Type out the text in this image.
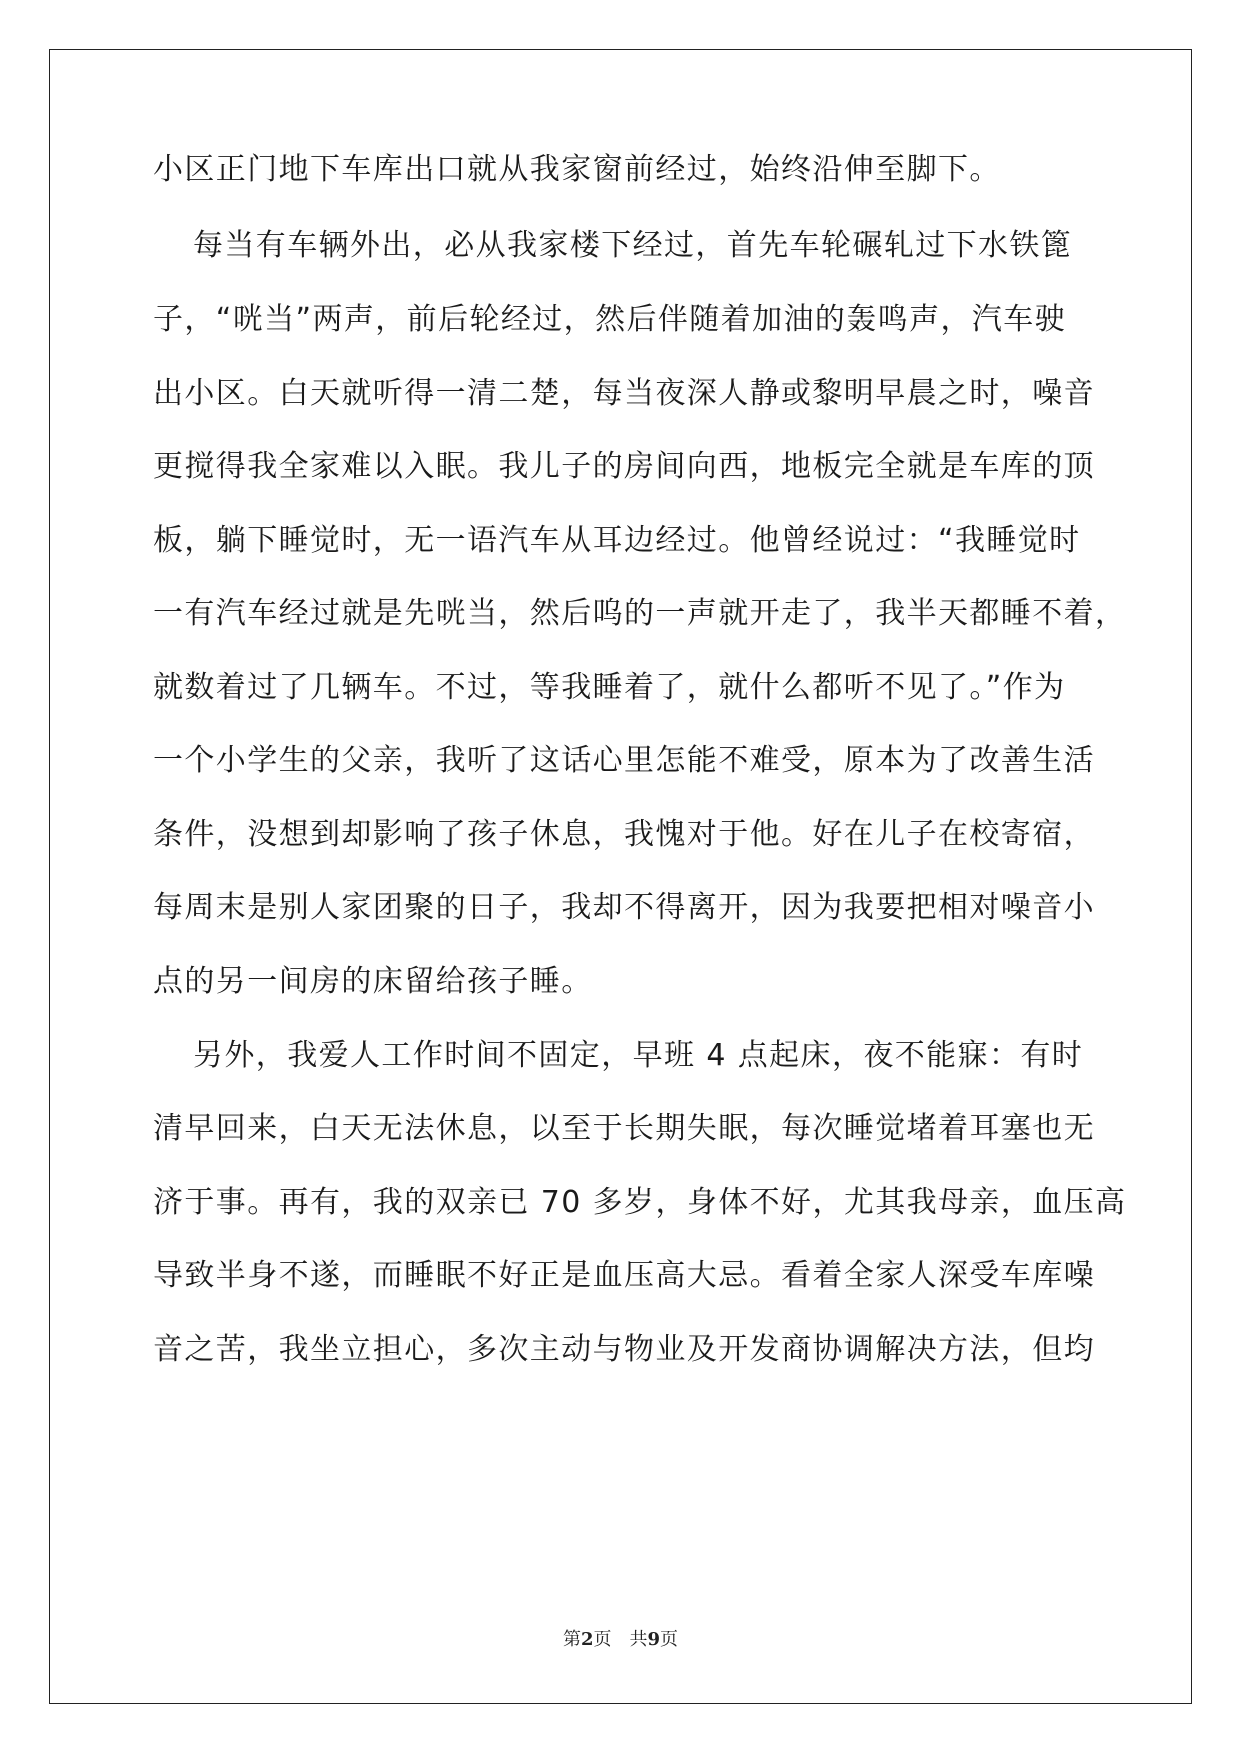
小区正门地下车库出口就从我家窗前经过，始终沿伸至脚下。
每当有车辆外出，必从我家楼下经过，首先车轮碾轧过下水铁篦
子，“咣当”两声，前后轮经过，然后伴随着加油的轰鸣声，汽车驶
出小区。白天就听得一清二楚，每当夜深人静或黎明早晨之时，噪音
更搅得我全家难以入眠。我儿子的房间向西，地板完全就是车库的顶
板，躺下睡觉时，无一语汽车从耳边经过。他曾经说过：“我睡觉时
一有汽车经过就是先咣当，然后呜的一声就开走了，我半天都睡不着，
就数着过了几辆车。不过，等我睡着了，就什么都听不见了。”作为
一个小学生的父亲，我听了这话心里怎能不难受，原本为了改善生活
条件，没想到却影响了孩子休息，我愧对于他。好在儿子在校寄宿，
每周末是别人家团聚的日子，我却不得离开，因为我要把相对噪音小
点的另一间房的床留给孩子睡。
另外，我爱人工作时间不固定，早班 4 点起床，夜不能寐：有时
清早回来，白天无法休息，以至于长期失眠，每次睡觉堵着耳塞也无
济于事。再有，我的双亲已 70 多岁，身体不好，尤其我母亲，血压高
导致半身不遂，而睡眠不好正是血压高大忌。看着全家人深受车库噪
音之苦，我坐立担心，多次主动与物业及开发商协调解决方法，但均
第2页　共9页
